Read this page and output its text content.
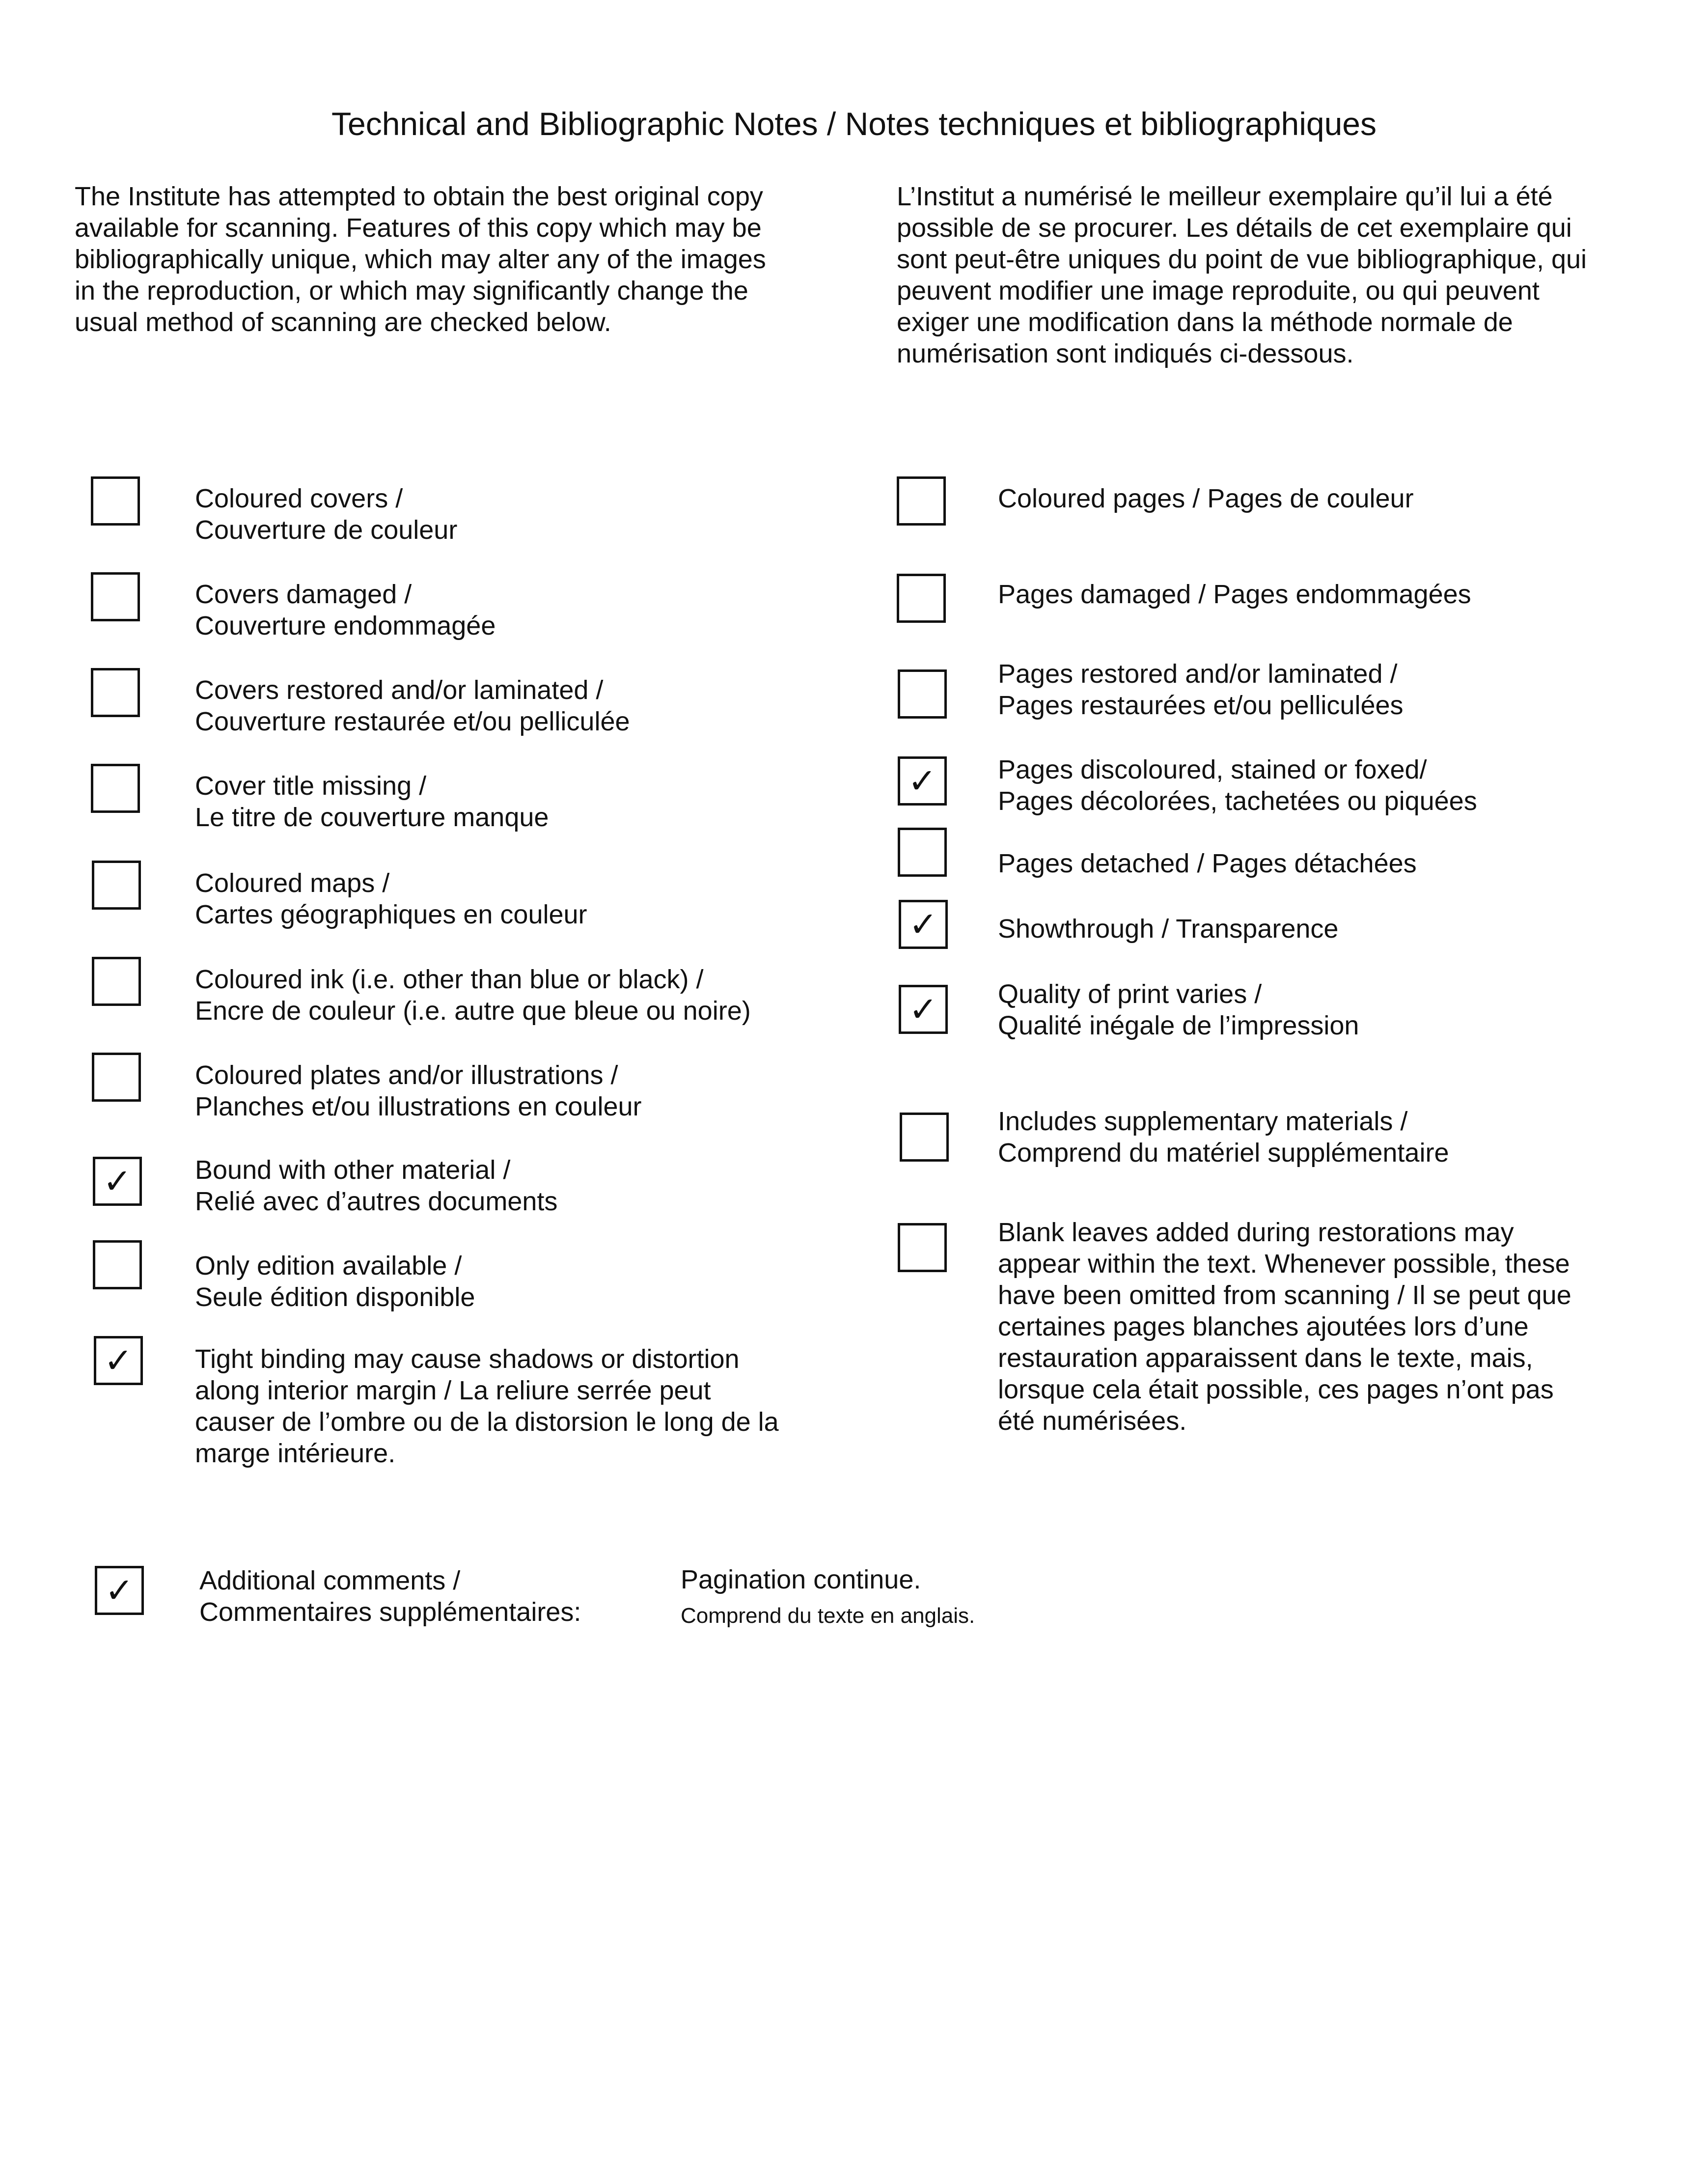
Technical and Bibliographic Notes / Notes techniques et bibliographiques
The Institute has attempted to obtain the best original copy
available for scanning. Features of this copy which may be
bibliographically unique, which may alter any of the images
in the reproduction, or which may significantly change the
usual method of scanning are checked below.
L’Institut a numérisé le meilleur exemplaire qu’il lui a été
possible de se procurer. Les détails de cet exemplaire qui
sont peut-être uniques du point de vue bibliographique, qui
peuvent modifier une image reproduite, ou qui peuvent
exiger une modification dans la méthode normale de
numérisation sont indiqués ci-dessous.
Coloured covers /
Couverture de couleur
Covers damaged /
Couverture endommagée
Covers restored and/or laminated /
Couverture restaurée et/ou pelliculée
Cover title missing /
Le titre de couverture manque
Coloured maps /
Cartes géographiques en couleur
Coloured ink (i.e. other than blue or black) /
Encre de couleur (i.e. autre que bleue ou noire)
Coloured plates and/or illustrations /
Planches et/ou illustrations en couleur
✓ Bound with other material /
Relié avec d’autres documents
Only edition available /
Seule édition disponible
✓ Tight binding may cause shadows or distortion
along interior margin / La reliure serrée peut
causer de l’ombre ou de la distorsion le long de la
marge intérieure.
Coloured pages / Pages de couleur
Pages damaged / Pages endommagées
Pages restored and/or laminated /
Pages restaurées et/ou pelliculées
✓ Pages discoloured, stained or foxed/
Pages décolorées, tachetées ou piquées
Pages detached / Pages détachées
✓ Showthrough / Transparence
✓ Quality of print varies /
Qualité inégale de l’impression
Includes supplementary materials /
Comprend du matériel supplémentaire
Blank leaves added during restorations may
appear within the text. Whenever possible, these
have been omitted from scanning / Il se peut que
certaines pages blanches ajoutées lors d’une
restauration apparaissent dans le texte, mais,
lorsque cela était possible, ces pages n’ont pas
été numérisées.
✓ Additional comments /
Commentaires supplémentaires:
Pagination continue.
Comprend du texte en anglais.
